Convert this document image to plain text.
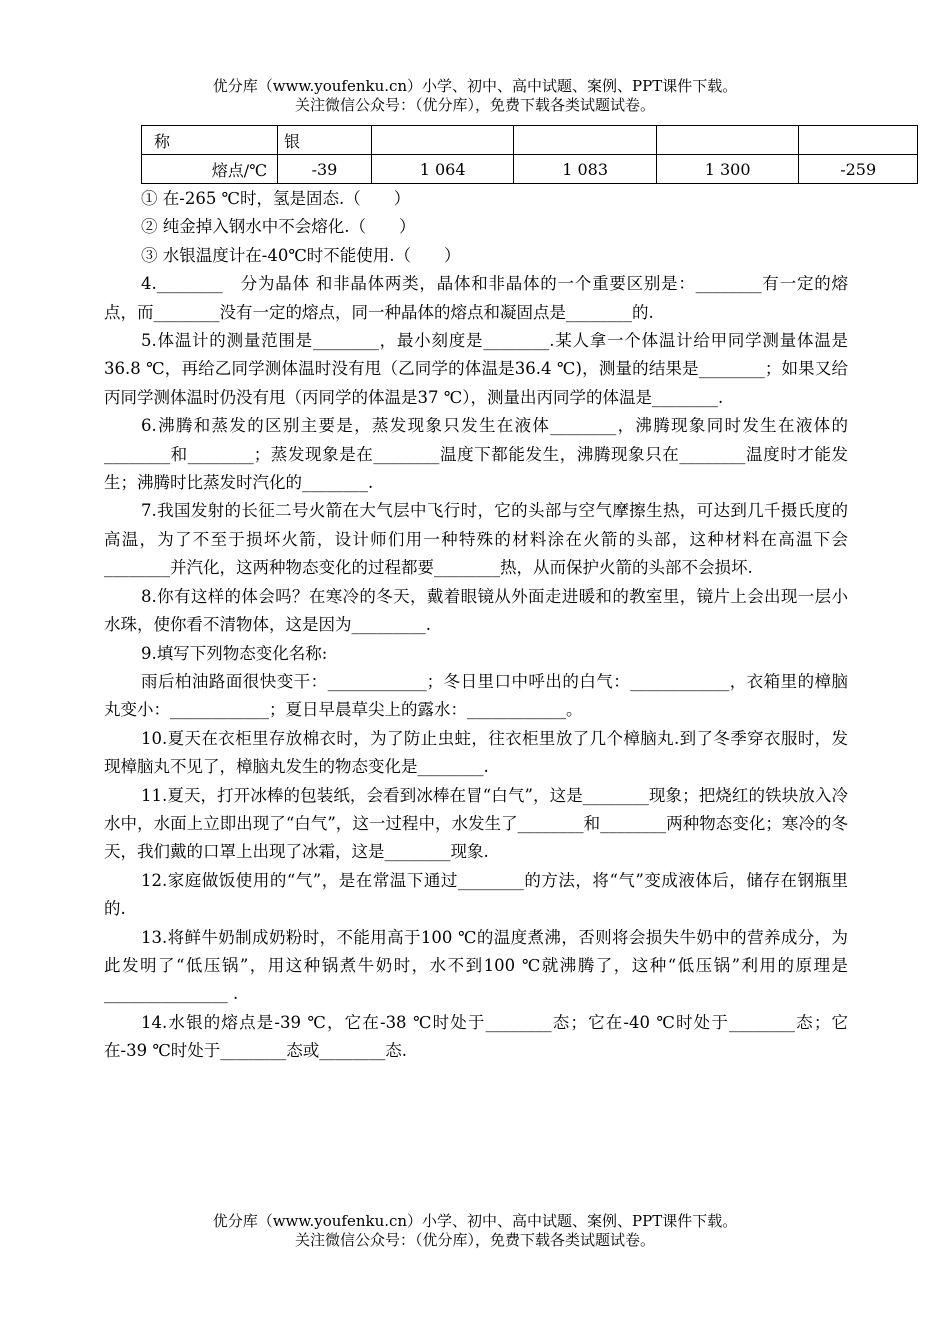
优分库（www.youfenku.cn）小学、初中、高中试题、案例、PPT课件下载。
关注微信公众号：（优分库），免费下载各类试题试卷。
称	银				
熔点/℃	-39	1 064	1 083	1 300	-259

① 在-265 ℃时，氢是固态.（　　）

② 纯金掉入钢水中不会熔化.（　　）

③ 水银温度计在-40℃时不能使用.（　　）

4.________　分为晶体 和非晶体两类，晶体和非晶体的一个重要区别是：________有一定的熔点，而________没有一定的熔点，同一种晶体的熔点和凝固点是________的.

5.体温计的测量范围是________，最小刻度是________.某人拿一个体温计给甲同学测量体温是36.8 ℃，再给乙同学测体温时没有甩（乙同学的体温是36.4 ℃)，测量的结果是________；如果又给丙同学测体温时仍没有甩（丙同学的体温是37 ℃），测量出丙同学的体温是________.

6.沸腾和蒸发的区别主要是，蒸发现象只发生在液体________，沸腾现象同时发生在液体的________和________；蒸发现象是在________温度下都能发生，沸腾现象只在________温度时才能发生；沸腾时比蒸发时汽化的________.

7.我国发射的长征二号火箭在大气层中飞行时，它的头部与空气摩擦生热，可达到几千摄氏度的高温，为了不至于损坏火箭，设计师们用一种特殊的材料涂在火箭的头部，这种材料在高温下会________并汽化，这两种物态变化的过程都要________热，从而保护火箭的头部不会损坏.

8.你有这样的体会吗？在寒冷的冬天，戴着眼镜从外面走进暖和的教室里，镜片上会出现一层小水珠，使你看不清物体，这是因为_________.

9.填写下列物态变化名称:

雨后柏油路面很快变干：____________；冬日里口中呼出的白气：____________，衣箱里的樟脑丸变小：____________；夏日早晨草尖上的露水：____________。

10.夏天在衣柜里存放棉衣时，为了防止虫蛀，往衣柜里放了几个樟脑丸.到了冬季穿衣服时，发现樟脑丸不见了，樟脑丸发生的物态变化是________.

11.夏天，打开冰棒的包装纸，会看到冰棒在冒“白气”，这是________现象；把烧红的铁块放入冷水中，水面上立即出现了“白气”，这一过程中，水发生了________和________两种物态变化；寒冷的冬天，我们戴的口罩上出现了冰霜，这是________现象.

12.家庭做饭使用的“气”，是在常温下通过________的方法，将“气”变成液体后，储存在钢瓶里的.

13.将鲜牛奶制成奶粉时，不能用高于100 ℃的温度煮沸，否则将会损失牛奶中的营养成分，为此发明了“低压锅”，用这种锅煮牛奶时，水不到100 ℃就沸腾了，这种“低压锅”利用的原理是_______________ .

14.水银的熔点是-39 ℃，它在-38 ℃时处于________态；它在-40 ℃时处于________态；它在-39 ℃时处于________态或________态.

优分库（www.youfenku.cn）小学、初中、高中试题、案例、PPT课件下载。
关注微信公众号：（优分库），免费下载各类试题试卷。
